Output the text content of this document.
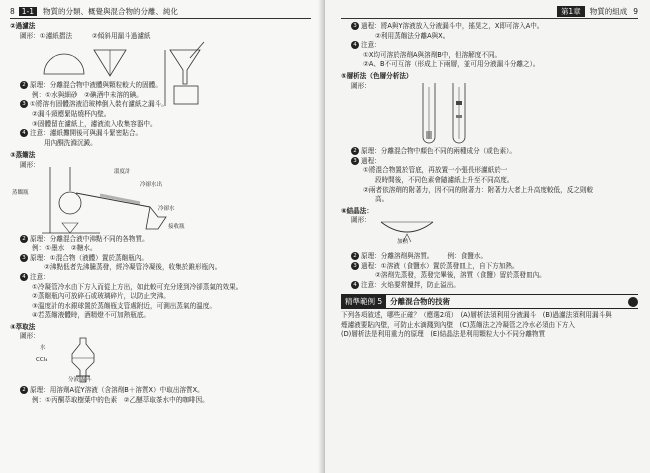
8 1-1	物質的分類、概覺與混合物的分離、純化
②過濾法
圖形：①濾紙摺法　　　②傾斜用漏斗過濾紙
2 原理：分離混合物中液體與顆粒較大的固體。
例：①水與細砂　②碘酒中未溶的碘。
3 ①將溶有固體溶液沿玻棒倒入裝有濾紙之漏斗。
②漏斗頸應緊貼燒杯內壁。
③固體留在濾紙上，濾液流入收集容器中。
4 注意：濾紙攤開後可與漏斗緊密貼合。
用內酮洗滌沉澱。
③蒸餾法
圖形：
溫度計
冷卻水出
冷卻水
蒸餾瓶
接收瓶
2 原理：分離混合液中沸點不同的各物質。
例：①墨水　②糖水。
3 原理：①混合物（液體）置於蒸餾瓶內。
②沸點低者先沸騰蒸發，經冷凝管冷凝後，收集於錐形瓶內。
4 注意：
①冷凝管冷水由下方入而從上方出，如此較可充分達到冷卻蒸氣的效果。
②蒸餾瓶內可放碎石或玻璃碎片，以防止突沸。
③溫度計的水銀球置於蒸餾瓶支管處附近，可測出蒸氣的溫度。
④若蒸餾液體時，酒精燈不可加熱瓶底。
④萃取法
圖形：
水
CCl₄
分液 漏斗
2 原理：用溶劑A從Y溶液（含溶劑B＋溶質X）中取出溶質X。
例：①丙酮萃取樹葉中的色素　②乙醚萃取茶水中的咖啡因。
第1章	物質的組成 9
3 過程：將A與Y溶液放入分液漏斗中，搖晃之，X即可溶入A中。
②利用蒸餾法分離A與X。
4 注意：
①X均可溶於溶劑A與溶劑B中，但溶解度不同。
②A、B不可互溶（形成上下兩層，並可用分液漏斗分離之）。
⑤層析法（色層分析法）
圖形：
2 原理：分離混合物中顏色不同的兩種成分（或色素）。
3 過程：
①將混合物置於管底，再放置一小張長形濾紙於一
段時間後，不同色素會隨濾紙上升至不同高度。
②兩者依溶劑的附著力，因不同的附著力：附著力大者上升高度較低，反之則較
高。
⑥結晶法：
圖形：
加熱
2 原理：分離溶劑與溶質。 例：食鹽水。
3 過程：①溶液（食鹽水）置於蒸發皿上，自下方加熱。
②溶劑先蒸發，蒸發完畢後，溶質（食鹽）留於蒸發皿內。
4 注意：火焰要常攪拌，防止溢出。
精準範例 5	分離混合物的技術
下列各項敘述，哪些正確？（應選2項）　(A)層析法須利用分液漏斗　(B)過濾法須利用漏斗與
煙濾液要貼內壁，可防止水滴濺到內壁　(C)蒸餾法之冷凝管之冷水必須由下方入
(D)層析法是利用重力的原理　(E)結晶法是利用顆粒大小不同分離物質
